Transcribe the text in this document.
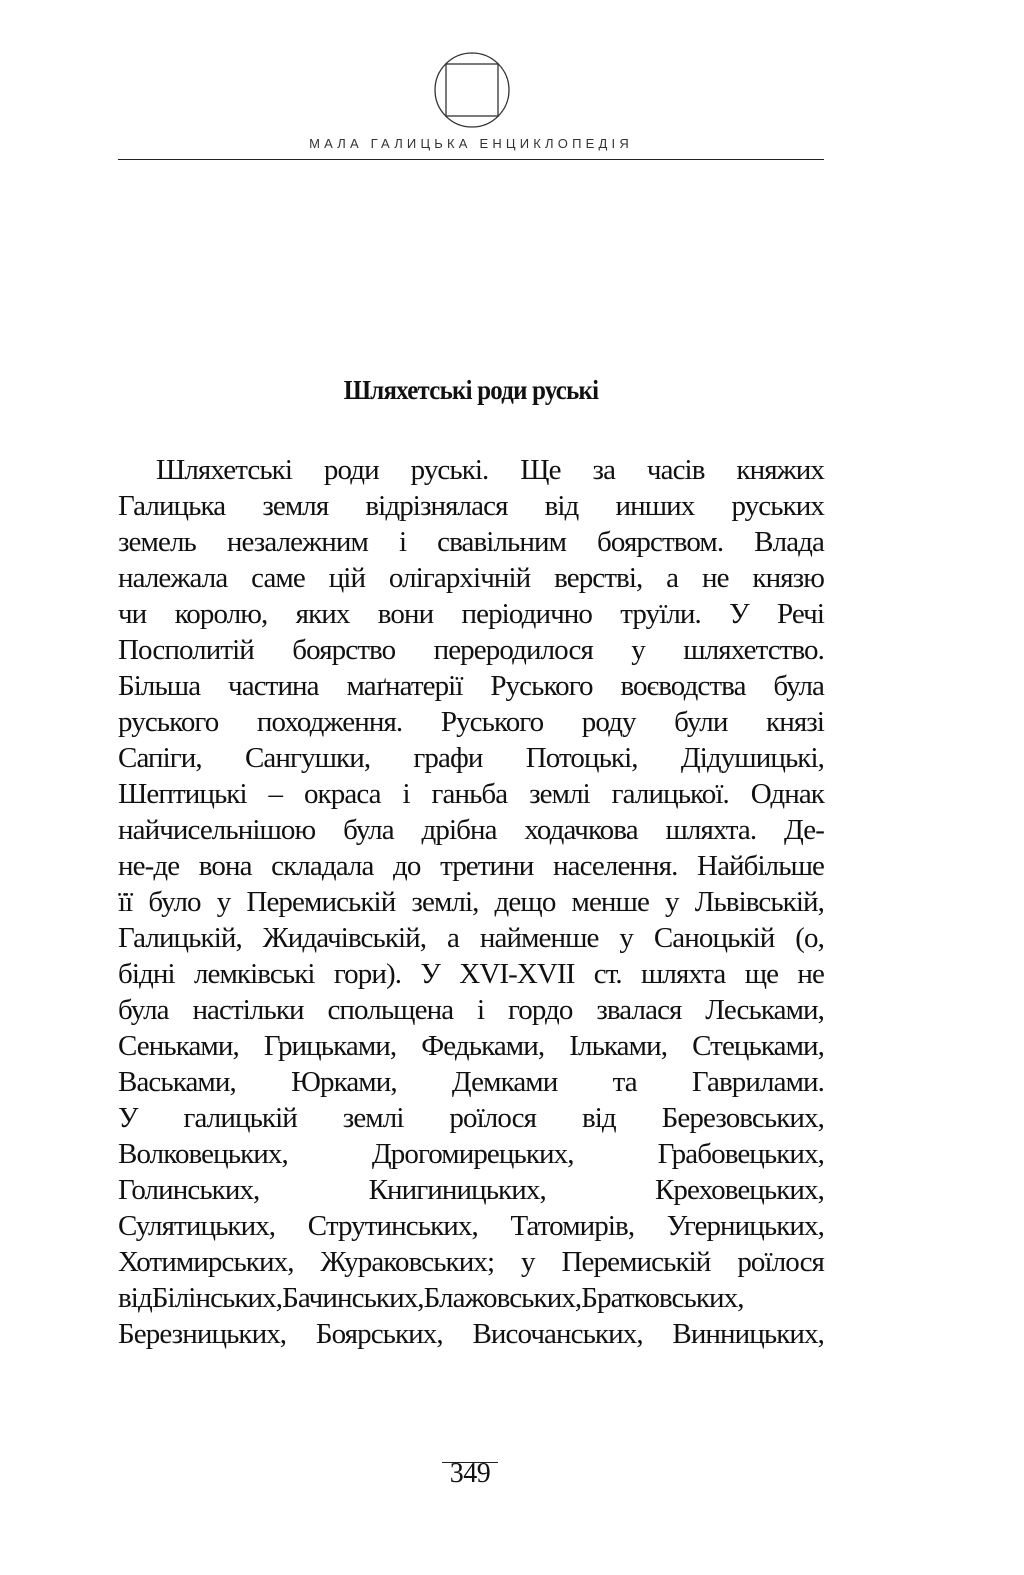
МАЛА ГАЛИЦЬКА ЕНЦИКЛОПЕДІЯ
Шляхетські роди руські
Шляхетські роди руські. Ще за часів княжих
Галицька земля відрізнялася від инших руських
земель незалежним і свавільним боярством. Влада
належала саме цій олігархічній верстві, а не князю
чи королю, яких вони періодично труїли. У Речі
Посполитій боярство переродилося у шляхетство.
Більша частина маґнатерії Руського воєводства була
руського походження. Руського роду були князі
Сапіги, Сангушки, графи Потоцькі, Дідушицькі,
Шептицькі – окраса і ганьба землі галицької. Однак
найчисельнішою була дрібна ходачкова шляхта. Де-
не-де вона складала до третини населення. Найбільше
її було у Перемиській землі, дещо менше у Львівській,
Галицькій, Жидачівській, а найменше у Саноцькій (о,
бідні лемківські гори). У XVI-XVII ст. шляхта ще не
була настільки спольщена і гордо звалася Леськами,
Сеньками, Грицьками, Федьками, Ільками, Стецьками,
Васьками, Юрками, Демками та Гаврилами.
У галицькій землі роїлося від Березовських,
Волковецьких, Дрогомирецьких, Грабовецьких,
Голинських, Книгиницьких, Креховецьких,
Сулятицьких, Струтинських, Татомирів, Угерницьких,
Хотимирських, Жураковських; у Перемиській роїлося
відБілінських,Бачинських,Блажовських,Братковських,
Березницьких, Боярських, Височанських, Винницьких,
349
